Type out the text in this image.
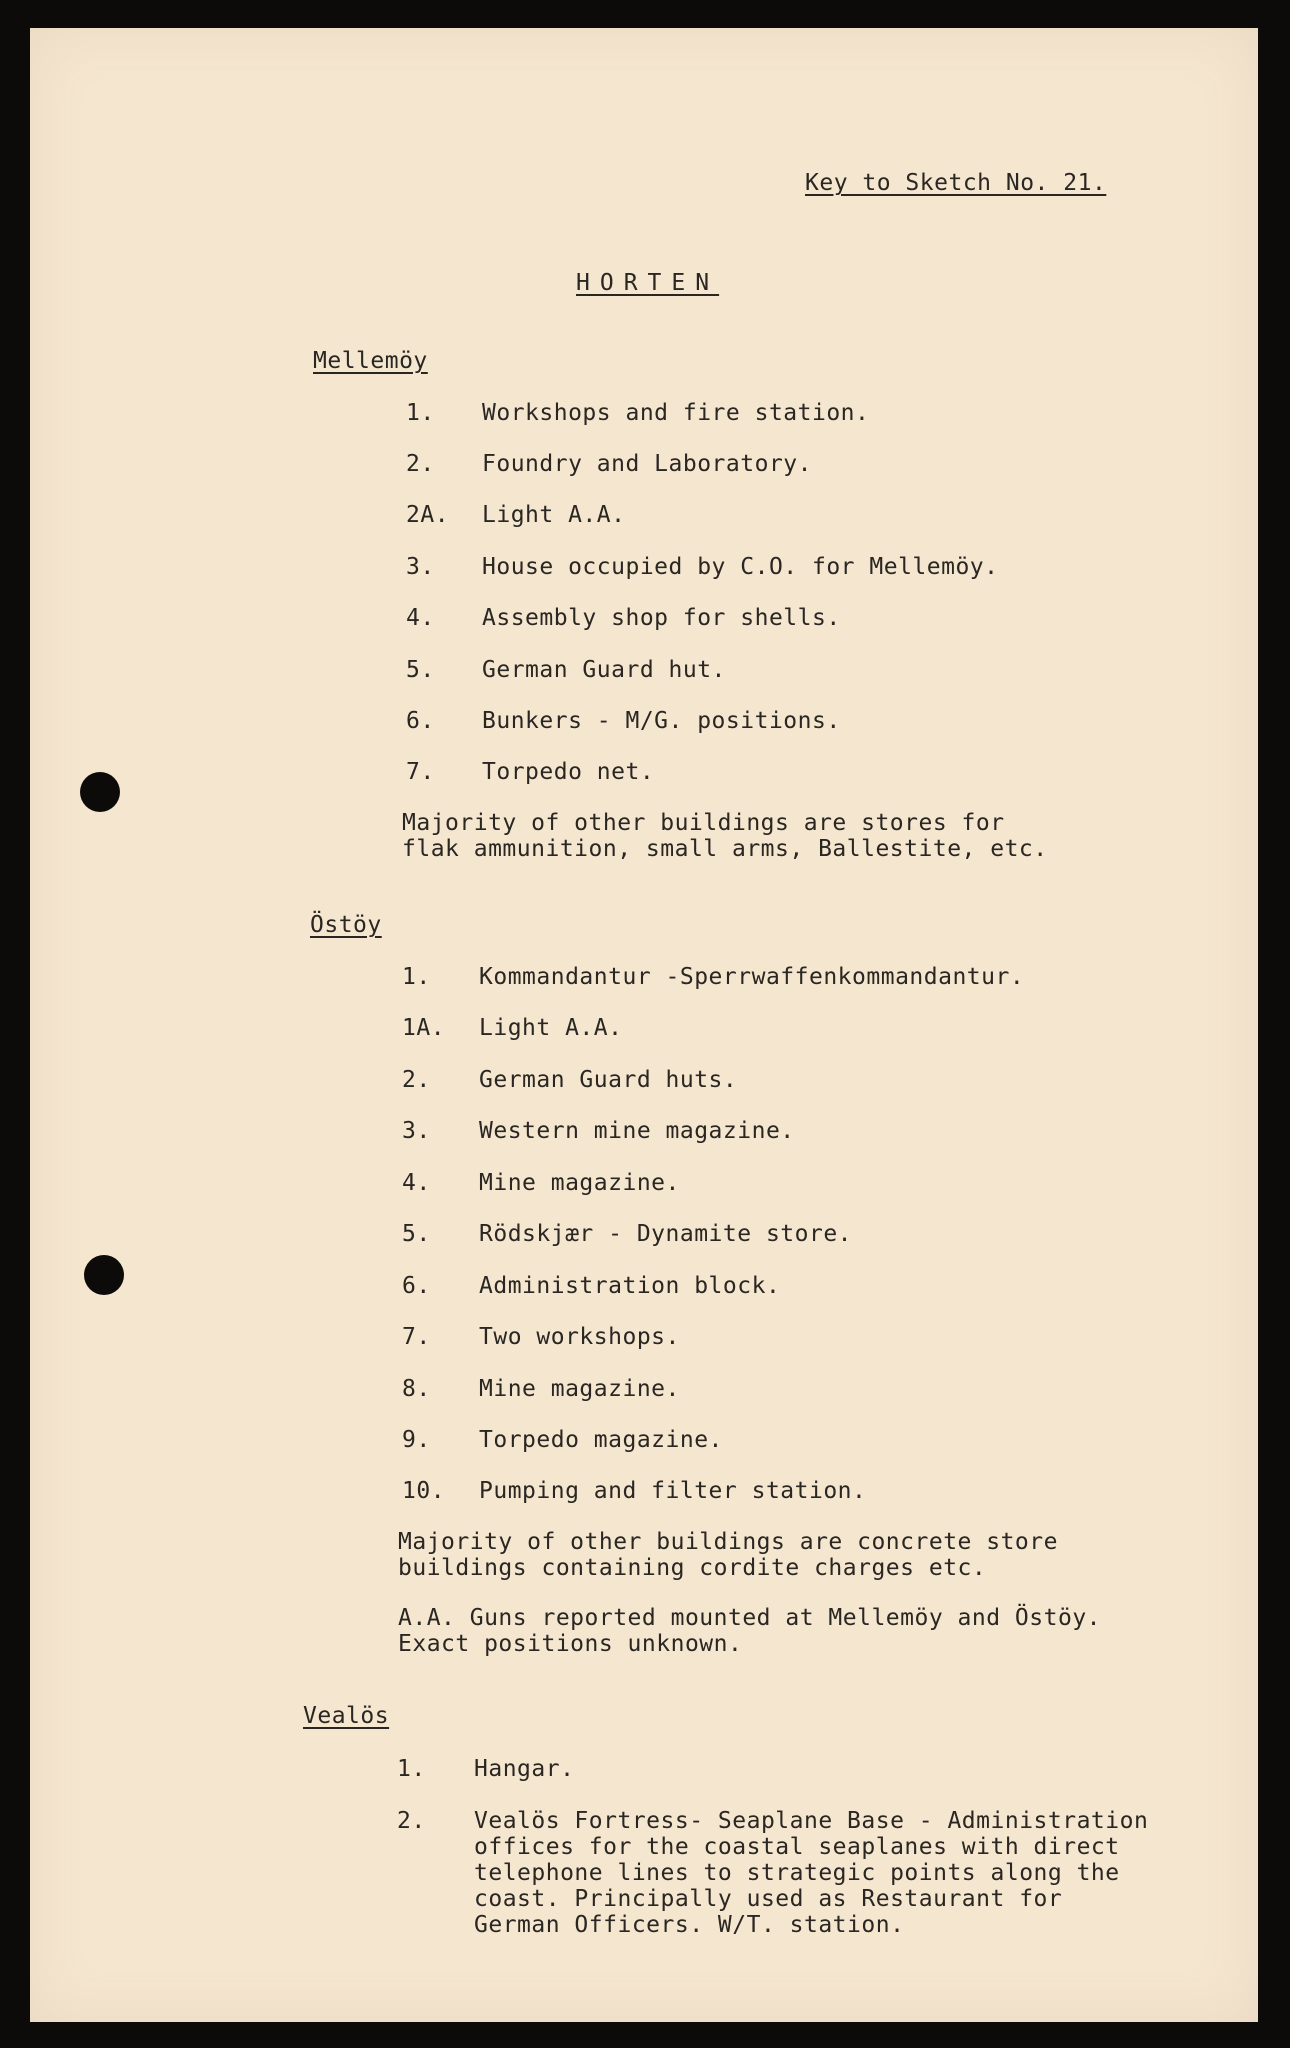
Key to Sketch No. 21.
HORTEN
Mellemöy
1. Workshops and fire station.
2. Foundry and Laboratory.
2A. Light A.A.
3. House occupied by C.O. for Mellemöy.
4. Assembly shop for shells.
5. German Guard hut.
6. Bunkers - M/G. positions.
7. Torpedo net.
Majority of other buildings are stores for
flak ammunition, small arms, Ballestite, etc.
Östöy
1. Kommandantur -Sperrwaffenkommandantur.
1A. Light A.A.
2. German Guard huts.
3. Western mine magazine.
4. Mine magazine.
5. Rödskjær - Dynamite store.
6. Administration block.
7. Two workshops.
8. Mine magazine.
9. Torpedo magazine.
10. Pumping and filter station.
Majority of other buildings are concrete store
buildings containing cordite charges etc.
A.A. Guns reported mounted at Mellemöy and Östöy.
Exact positions unknown.
Vealös
1. Hangar.
2. Vealös Fortress- Seaplane Base - Administration
offices for the coastal seaplanes with direct
telephone lines to strategic points along the
coast. Principally used as Restaurant for
German Officers. W/T. station.
